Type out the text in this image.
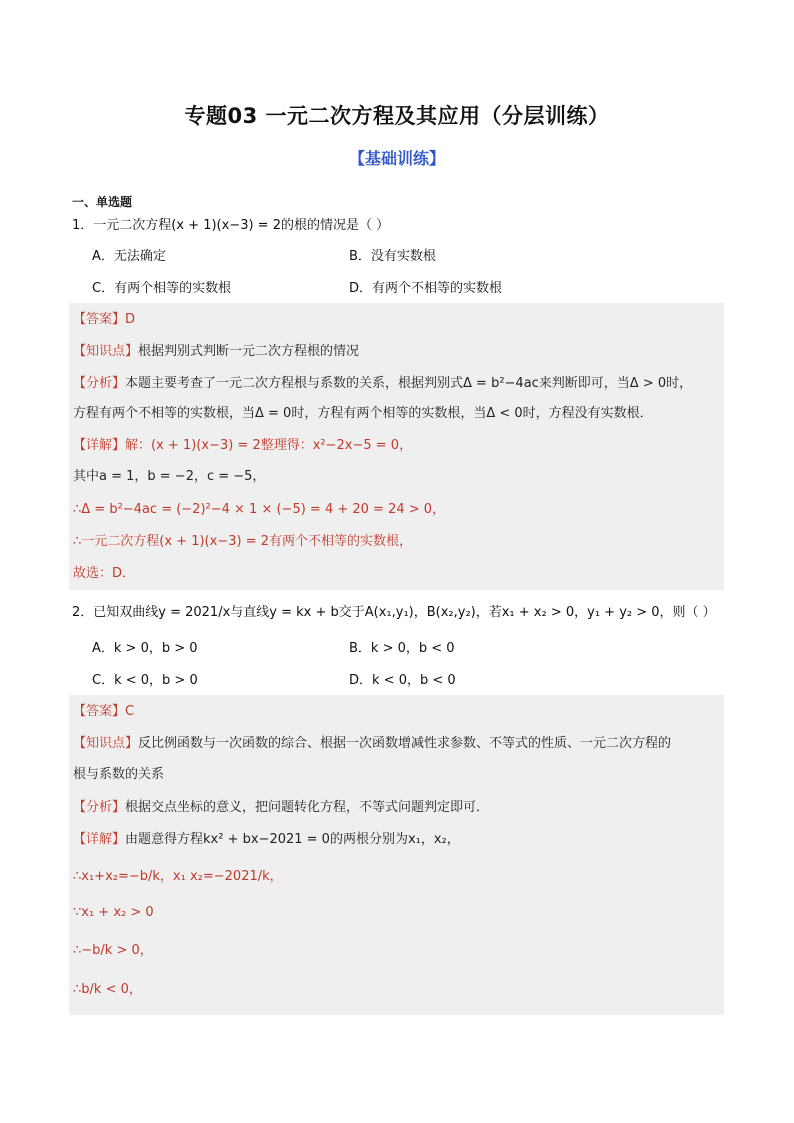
专题03 一元二次方程及其应用（分层训练）
【基础训练】
一、单选题
1．一元二次方程(x + 1)(x−3) = 2的根的情况是（ ）
A．无法确定	B．没有实数根
C．有两个相等的实数根	D．有两个不相等的实数根
【答案】D
【知识点】根据判别式判断一元二次方程根的情况
【分析】本题主要考查了一元二次方程根与系数的关系，根据判别式Δ = b²−4ac来判断即可，当Δ > 0时，
方程有两个不相等的实数根，当Δ = 0时，方程有两个相等的实数根，当Δ < 0时，方程没有实数根．
【详解】解：(x + 1)(x−3) = 2整理得：x²−2x−5 = 0，
其中a = 1，b = −2，c = −5，
∴Δ = b²−4ac = (−2)²−4 × 1 × (−5) = 4 + 20 = 24 > 0，
∴一元二次方程(x + 1)(x−3) = 2有两个不相等的实数根，
故选：D．
2．已知双曲线y = 2021/x与直线y = kx + b交于A(x₁,y₁)，B(x₂,y₂)，若x₁ + x₂ > 0，y₁ + y₂ > 0，则（ ）
A．k > 0，b > 0	B．k > 0，b < 0
C．k < 0，b > 0	D．k < 0，b < 0
【答案】C
【知识点】反比例函数与一次函数的综合、根据一次函数增减性求参数、不等式的性质、一元二次方程的
根与系数的关系
【分析】根据交点坐标的意义，把问题转化方程，不等式问题判定即可．
【详解】由题意得方程kx² + bx−2021 = 0的两根分别为x₁，x₂，
∴x₁+x₂=−b/k，x₁ x₂=−2021/k，
∵x₁ + x₂ > 0
∴−b/k > 0，
∴b/k < 0，
